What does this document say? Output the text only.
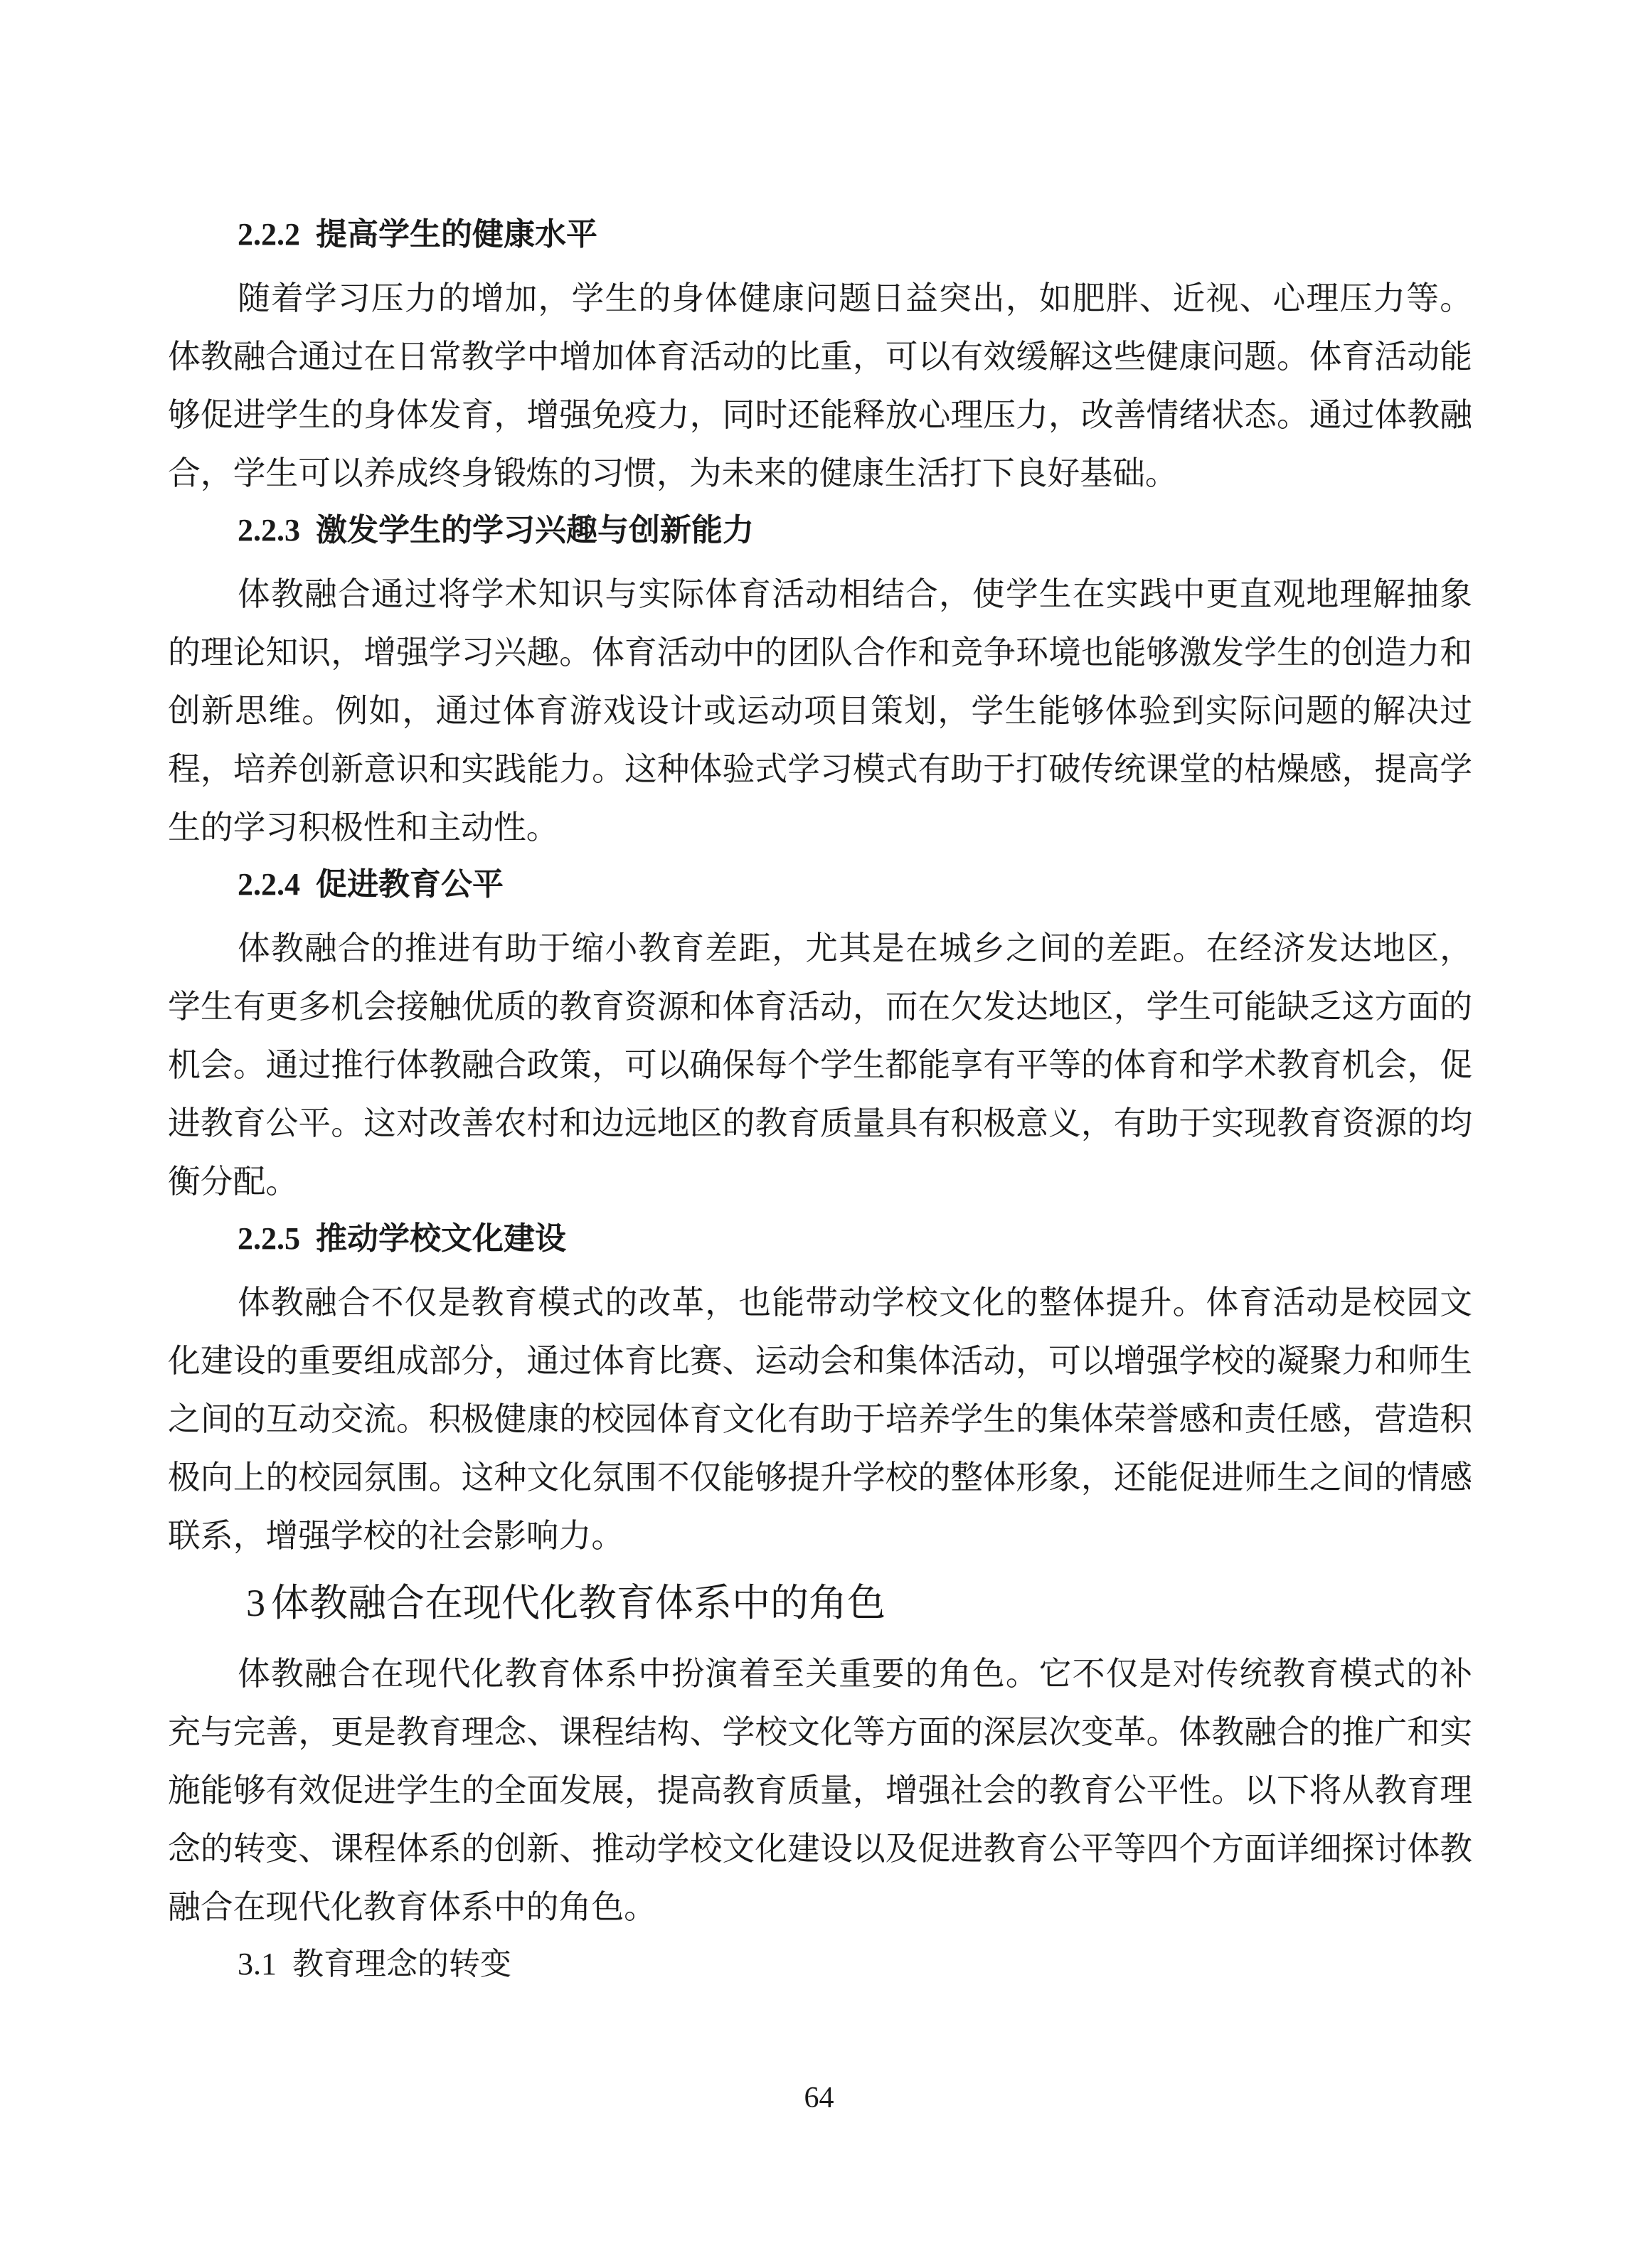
2.2.2 提高学生的健康水平

随着学习压力的增加，学生的身体健康问题日益突出，如肥胖、近视、心理压力等。体教融合通过在日常教学中增加体育活动的比重，可以有效缓解这些健康问题。体育活动能够促进学生的身体发育，增强免疫力，同时还能释放心理压力，改善情绪状态。通过体教融合，学生可以养成终身锻炼的习惯，为未来的健康生活打下良好基础。

2.2.3 激发学生的学习兴趣与创新能力

体教融合通过将学术知识与实际体育活动相结合，使学生在实践中更直观地理解抽象的理论知识，增强学习兴趣。体育活动中的团队合作和竞争环境也能够激发学生的创造力和创新思维。例如，通过体育游戏设计或运动项目策划，学生能够体验到实际问题的解决过程，培养创新意识和实践能力。这种体验式学习模式有助于打破传统课堂的枯燥感，提高学生的学习积极性和主动性。

2.2.4 促进教育公平

体教融合的推进有助于缩小教育差距，尤其是在城乡之间的差距。在经济发达地区，学生有更多机会接触优质的教育资源和体育活动，而在欠发达地区，学生可能缺乏这方面的机会。通过推行体教融合政策，可以确保每个学生都能享有平等的体育和学术教育机会，促进教育公平。这对改善农村和边远地区的教育质量具有积极意义，有助于实现教育资源的均衡分配。

2.2.5 推动学校文化建设

体教融合不仅是教育模式的改革，也能带动学校文化的整体提升。体育活动是校园文化建设的重要组成部分，通过体育比赛、运动会和集体活动，可以增强学校的凝聚力和师生之间的互动交流。积极健康的校园体育文化有助于培养学生的集体荣誉感和责任感，营造积极向上的校园氛围。这种文化氛围不仅能够提升学校的整体形象，还能促进师生之间的情感联系，增强学校的社会影响力。

3 体教融合在现代化教育体系中的角色

体教融合在现代化教育体系中扮演着至关重要的角色。它不仅是对传统教育模式的补充与完善，更是教育理念、课程结构、学校文化等方面的深层次变革。体教融合的推广和实施能够有效促进学生的全面发展，提高教育质量，增强社会的教育公平性。以下将从教育理念的转变、课程体系的创新、推动学校文化建设以及促进教育公平等四个方面详细探讨体教融合在现代化教育体系中的角色。

3.1 教育理念的转变
64
